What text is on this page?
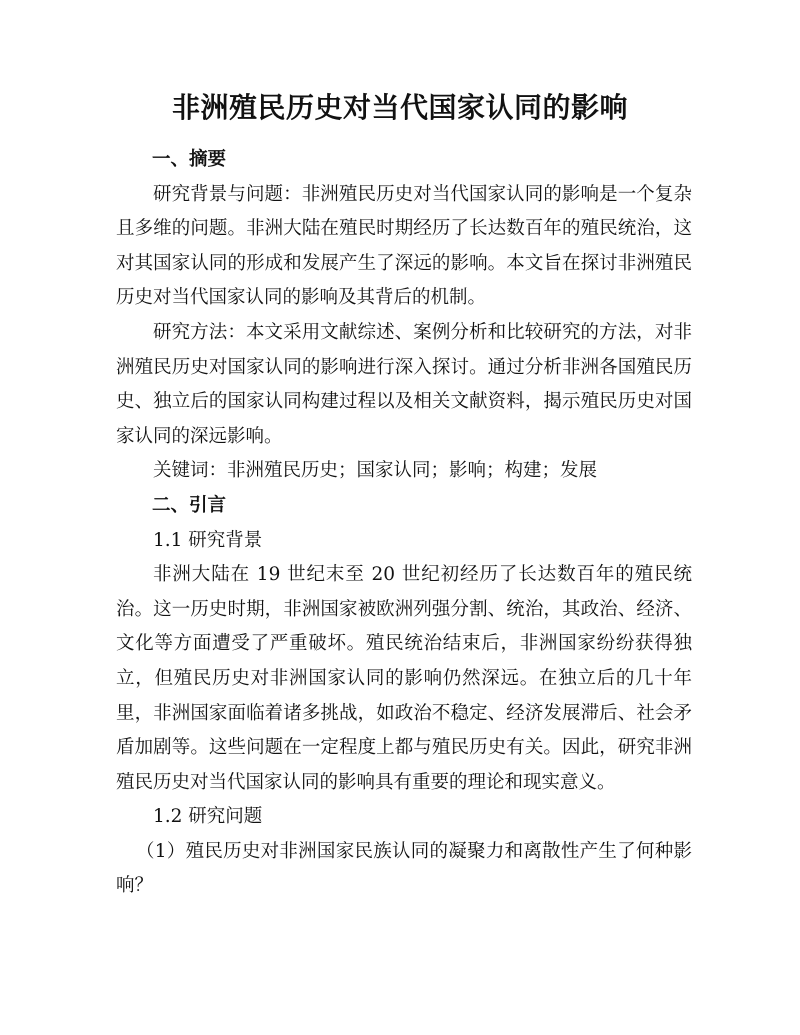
非洲殖民历史对当代国家认同的影响
一、摘要

研究背景与问题：非洲殖民历史对当代国家认同的影响是一个复杂且多维的问题。非洲大陆在殖民时期经历了长达数百年的殖民统治，这对其国家认同的形成和发展产生了深远的影响。本文旨在探讨非洲殖民历史对当代国家认同的影响及其背后的机制。

研究方法：本文采用文献综述、案例分析和比较研究的方法，对非洲殖民历史对国家认同的影响进行深入探讨。通过分析非洲各国殖民历史、独立后的国家认同构建过程以及相关文献资料，揭示殖民历史对国家认同的深远影响。

关键词：非洲殖民历史；国家认同；影响；构建；发展

二、引言

1.1 研究背景

非洲大陆在 19 世纪末至 20 世纪初经历了长达数百年的殖民统治。这一历史时期，非洲国家被欧洲列强分割、统治，其政治、经济、文化等方面遭受了严重破坏。殖民统治结束后，非洲国家纷纷获得独立，但殖民历史对非洲国家认同的影响仍然深远。在独立后的几十年里，非洲国家面临着诸多挑战，如政治不稳定、经济发展滞后、社会矛盾加剧等。这些问题在一定程度上都与殖民历史有关。因此，研究非洲殖民历史对当代国家认同的影响具有重要的理论和现实意义。

1.2 研究问题

（1）殖民历史对非洲国家民族认同的凝聚力和离散性产生了何种影响？
